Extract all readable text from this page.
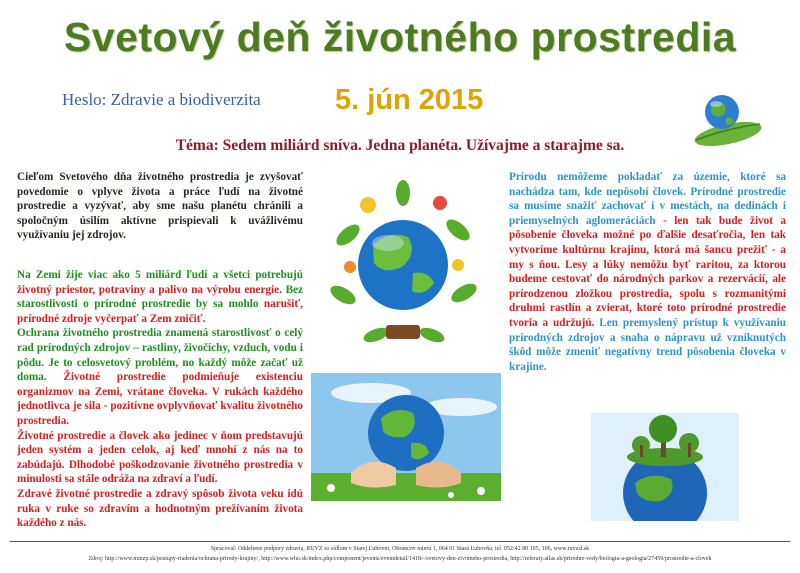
Svetový deň životného prostredia
Heslo: Zdravie a biodiverzita	5. jún 2015
Téma: Sedem miliárd snívа. Jedna planéta. Užívajme a starajme sa.

Cieľom Svetového dňa životného prostredia je zvyšovať povedomie o vplyve života a práce ľudí na životné prostredie a vyzývať, aby sme našu planétu chránili a spoločným úsilím aktívne prispievali k uvážlivému využívaniu jej zdrojov.

Na Zemi žije viac ako 5 miliárd ľudí a všetci potrebujú životný priestor, potraviny a palivo na výrobu energie. Bez starostlivosti o prírodné prostredie by sa mohlo narušiť, prírodné zdroje vyčerpať a Zem zničiť.

Ochrana životného prostredia znamená starostlivosť o celý rad prírodných zdrojov – rastliny, živočíchy, vzduch, vodu i pôdu. Je to celosvetový problém, no každý môže začať už doma. Životné prostredie podmieňuje existenciu organizmov na Zemi, vrátane človeka. V rukách každého jednotlivca je sila - pozitívne ovplyvňovať kvalitu životného prostredia.

Životné prostredie a človek ako jedinec v ňom predstavujú jeden systém a jeden celok, aj keď mnohí z nás na to zabúdajú. Dlhodobé poškodzovanie životného prostredia v minulosti sa stále odráža na zdraví a ľudí.

Zdravé životné prostredie a zdravý spôsob života veku idú ruka v ruke so zdravím a hodnotným prežívaním života každého z nás.

Prírodu nemôžeme pokladať za územie, ktoré sa nachádza tam, kde nepôsobí človek. Prírodné prostredie sa musíme snažiť zachovať i v mestách, na dedinách i priemyselných aglomeráciách - len tak bude život a pôsobenie človeka možné po ďalšie desaťročia, len tak vytvoríme kultúrnu krajinu, ktorá má šancu prežiť - a my s ňou. Lesy a lúky nemôžu byť raritou, za ktorou budeme cestovať do národných parkov a rezervácií, ale prírodzenou zložkou prostredia, spolu s rozmanitými druhmi rastlín a zvierat, ktoré toto prírodné prostredie tvoria a udržujú. Len premyslený prístup k využívaniu prírodných zdrojov a snaha o nápravu už vzniknutých škôd môže zmeniť negatívny trend pôsobenia človeka v krajine.

Spracoval: Oddelenie podpory zdravia, RÚVZ so sídlom v Starej Ľubovni, Obrancov mieru 1, 064 01 Stará Ľubovňa, tel. 052/42 80 105, 106, www.ruvzsl.sk
Zdroj: http://www.minzp.sk/postupy-riadenia/ochrana-prirody-krajiny/, http://www.who.sk/index.php/component/jevents/eventdetail/1418/-/svetovy-den-zivotneho-prostredia, http://referaty.atlas.sk/prirodne-vedy/biologia-a-geologia/27459/prostredie-a-clovek
